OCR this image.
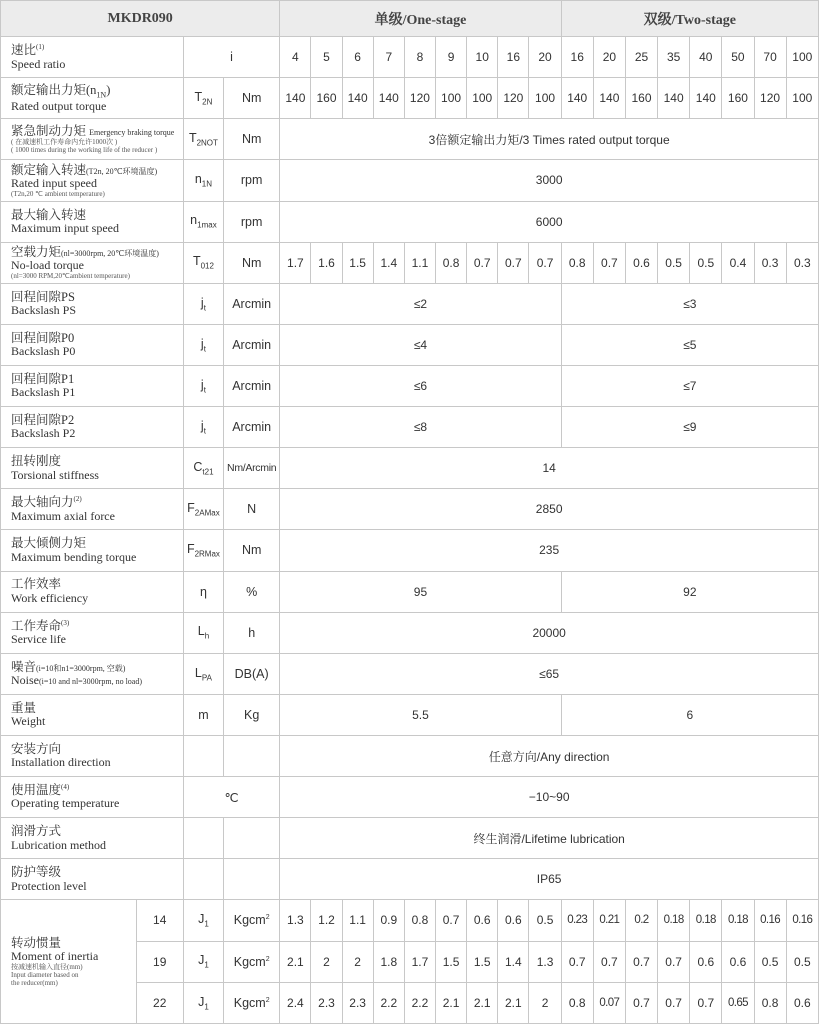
MKDR090				单级/One-stage									双级/Two-stage							

速比$^{(1)}$
Speed ratio		i		4	5	6	7	8	9	10	16	20	16	20	25	35	40	50	70	100

额定输出力矩$(n_{1N})$
Rated output torque		$T_{2N}$	Nm	140	160	140	140	120	100	100	120	100	140	140	160	140	140	160	120	100

紧急制动力矩 Emergency braking torque
( 在减速机工作寿命内允许1000次 )
( 1000 times during the working life of the reducer )		$T_{2NOT}$	Nm	3倍额定输出力矩/3 Times rated output torque																

额定输入转速(T2n, 20℃环境温度)
Rated input speed
(T2n,20 ℃ ambient temperature)		$n_{1N}$	rpm	3000																

最大输入转速
Maximum input speed		$n_{1max}$	rpm	6000																

空载力矩(nl=3000rpm, 20℃环境温度)
No-load torque
(nl=3000 RPM,20℃ambient temperature)		$T_{012}$	Nm	1.7	1.6	1.5	1.4	1.1	0.8	0.7	0.7	0.7	0.8	0.7	0.6	0.5	0.5	0.4	0.3	0.3

回程间隙PS
Backslash PS		$j_t$	Arcmin	≤2									≤3							

回程间隙P0
Backslash P0		$j_t$	Arcmin	≤4									≤5							

回程间隙P1
Backslash P1		$j_t$	Arcmin	≤6									≤7							

回程间隙P2
Backslash P2		$j_t$	Arcmin	≤8									≤9							

扭转刚度
Torsional stiffness		$C_{t21}$	Nm/Arcmin	14																

最大轴向力$^{(2)}$
Maximum axial force		$F_{2AMax}$	N	2850																

最大倾侧力矩
Maximum bending torque		$F_{2RMax}$	Nm	235																

工作效率
Work efficiency		η	%	95									92							

工作寿命$^{(3)}$
Service life		$L_h$	h	20000																

噪音(i=10和n1=3000rpm, 空载)
Noise(i=10 and nl=3000rpm, no load)		$L_{PA}$	DB(A)	≤65																

重量
Weight		m	Kg	5.5									6							

安装方向
Installation direction				任意方向/Any direction																

使用温度$^{(4)}$
Operating temperature		℃		−10~90																

润滑方式
Lubrication method				终生润滑/Lifetime lubrication																

防护等级
Protection level				IP65																

转动惯量
Moment of inertia
按减速机输入直径(mm)
Input diameter based on
the reducer(mm)	14	$J_1$	Kgcm$^2$	1.3	1.2	1.1	0.9	0.8	0.7	0.6	0.6	0.5	0.23	0.21	0.2	0.18	0.18	0.18	0.16	0.16
	19	$J_1$	Kgcm$^2$	2.1	2	2	1.8	1.7	1.5	1.5	1.4	1.3	0.7	0.7	0.7	0.7	0.6	0.6	0.5	0.5
	22	$J_1$	Kgcm$^2$	2.4	2.3	2.3	2.2	2.2	2.1	2.1	2.1	2	0.8	0.07	0.7	0.7	0.7	0.65	0.8	0.6
